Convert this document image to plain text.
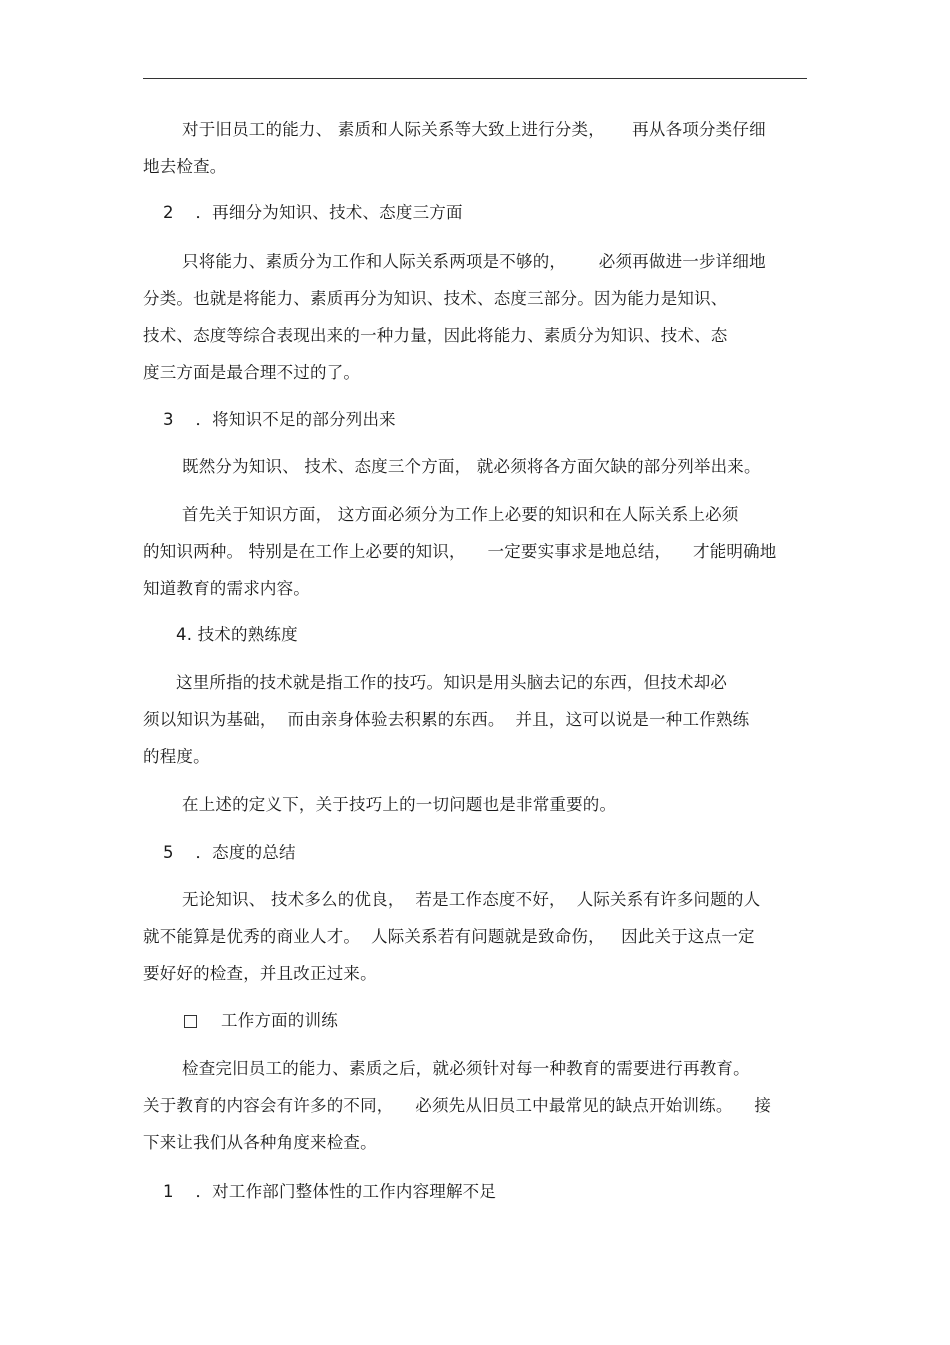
对于旧员工的能力、 素质和人际关系等大致上进行分类，     再从各项分类仔细
地去检查。
2    ．再细分为知识、技术、态度三方面
只将能力、素质分为工作和人际关系两项是不够的，      必须再做进一步详细地
分类。也就是将能力、素质再分为知识、技术、态度三部分。因为能力是知识、
技术、态度等综合表现出来的一种力量，因此将能力、素质分为知识、技术、态
度三方面是最合理不过的了。
3    ．将知识不足的部分列出来
既然分为知识、 技术、态度三个方面， 就必须将各方面欠缺的部分列举出来。
首先关于知识方面， 这方面必须分为工作上必要的知识和在人际关系上必须
的知识两种。 特别是在工作上必要的知识，    一定要实事求是地总结，    才能明确地
知道教育的需求内容。
4. 技术的熟练度
这里所指的技术就是指工作的技巧。知识是用头脑去记的东西，但技术却必
须以知识为基础，  而由亲身体验去积累的东西。  并且，这可以说是一种工作熟练
的程度。
在上述的定义下，关于技巧上的一切问题也是非常重要的。
5    ．态度的总结
无论知识、 技术多么的优良，  若是工作态度不好，  人际关系有许多问题的人
就不能算是优秀的商业人才。  人际关系若有问题就是致命伤，   因此关于这点一定
要好好的检查，并且改正过来。
工作方面的训练
检查完旧员工的能力、素质之后，就必须针对每一种教育的需要进行再教育。
关于教育的内容会有许多的不同，    必须先从旧员工中最常见的缺点开始训练。    接
下来让我们从各种角度来检查。
1    ．对工作部门整体性的工作内容理解不足
